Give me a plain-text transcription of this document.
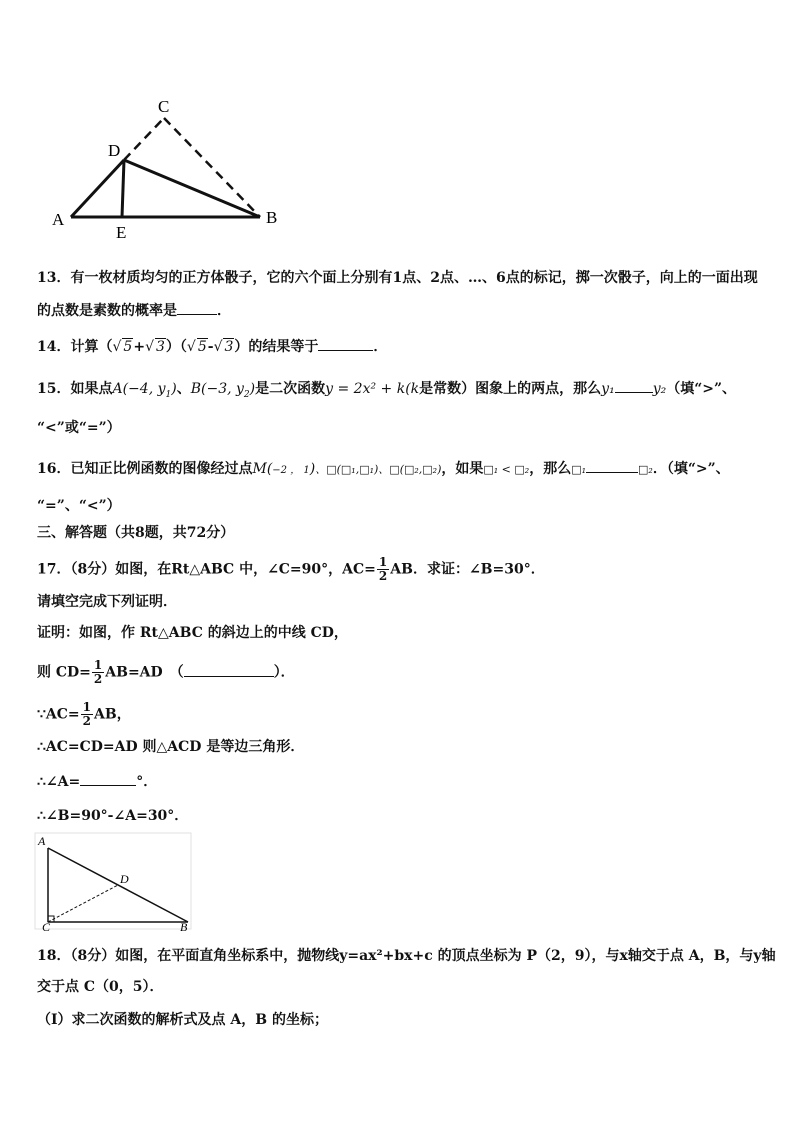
C
D
A
E
B
13．有一枚材质均匀的正方体骰子，它的六个面上分别有1点、2点、…、6点的标记，掷一次骰子，向上的一面出现
的点数是素数的概率是	．
14．计算（√ 5+√ 3）（√ 5-√ 3）的结果等于	．
15．如果点A(−4, $y_1$)、B(−3, $y_2$)是二次函数y = 2x² + k(k是常数）图象上的两点，那么y₁	y₂（填“>”、
“<”或“=”）
16．已知正比例函数的图像经过点M(−2 ， 1)、□(□₁,□₁)、□(□₂,□₂)，如果□₁ < □₂，那么□₁	□₂．（填“>”、
“=”、“<”）
三、解答题（共8题，共72分）
17．（8分）如图，在Rt△ABC 中，∠C=90°，$AC= \frac{1}{2}$ AB．求证：∠B=30°．
请填空完成下列证明．
证明：如图，作 Rt△ABC 的斜边上的中线 CD，
则 $CD= \frac{1}{2} AB=AD$　（	）．
∵AC= $\frac{1}{2}$ AB，
∴AC=CD=AD 则△ACD 是等边三角形．
∴∠A=	°．
∴∠B=90°-∠A=30°．
A
D
C	B
18．（8分）如图，在平面直角坐标系中，抛物线y=ax²+bx+c 的顶点坐标为 P（2，9），与x轴交于点 A，B，与y轴
交于点 C（0，5）．
（Ⅰ）求二次函数的解析式及点 A，B 的坐标；
